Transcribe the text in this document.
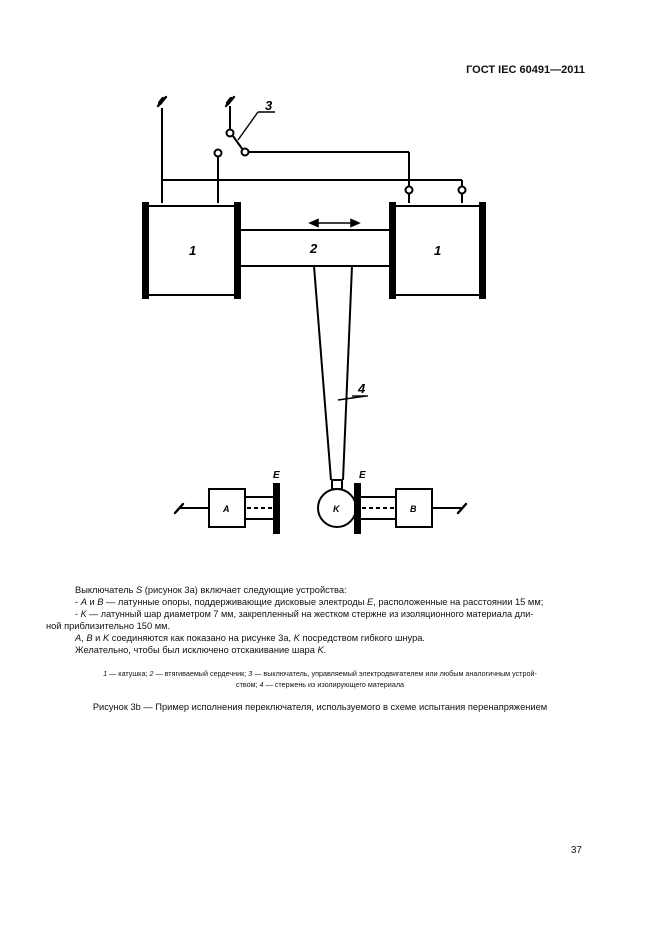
ГОСТ IEC 60491—2011
1	1
2
3
4
E	E
A	K	B
Выключатель S (рисунок 3а) включает следующие устройства:
- A и B — латунные опоры, поддерживающие дисковые электроды E, расположенные на расстоянии 15 мм;
- K — латунный шар диаметром 7 мм, закрепленный на жестком стержне из изоляционного материала дли-
ной приблизительно 150 мм.
A, B и K соединяются как показано на рисунке 3а, K посредством гибкого шнура.
Желательно, чтобы был исключено отскакивание шара K.
1 — катушка; 2 — втягиваемый сердечник; 3 — выключатель, управляемый электродвигателем или любым аналогичным устрой-
ством; 4 — стержень из изолирующего материала
Рисунок 3b — Пример исполнения переключателя, используемого в схеме испытания перенапряжением
37
